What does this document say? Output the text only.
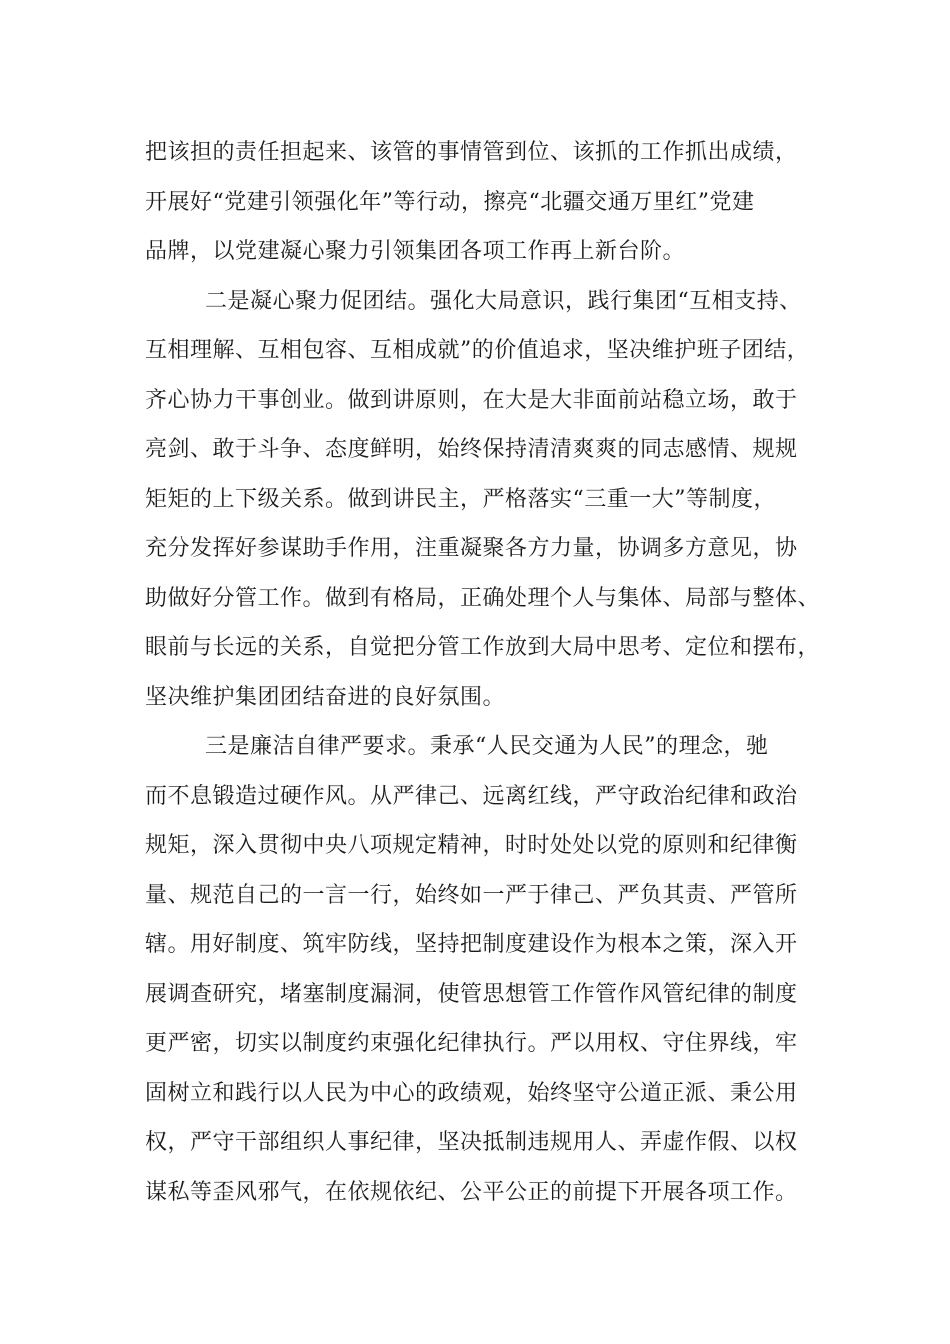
把该担的责任担起来、该管的事情管到位、该抓的工作抓出成绩，
开展好“党建引领强化年”等行动，擦亮“北疆交通万里红”党建
品牌，以党建凝心聚力引领集团各项工作再上新台阶。
二是凝心聚力促团结。强化大局意识，践行集团“互相支持、
互相理解、互相包容、互相成就”的价值追求，坚决维护班子团结，
齐心协力干事创业。做到讲原则，在大是大非面前站稳立场，敢于
亮剑、敢于斗争、态度鲜明，始终保持清清爽爽的同志感情、规规
矩矩的上下级关系。做到讲民主，严格落实“三重一大”等制度，
充分发挥好参谋助手作用，注重凝聚各方力量，协调多方意见，协
助做好分管工作。做到有格局，正确处理个人与集体、局部与整体、
眼前与长远的关系，自觉把分管工作放到大局中思考、定位和摆布，
坚决维护集团团结奋进的良好氛围。
三是廉洁自律严要求。秉承“人民交通为人民”的理念，驰
而不息锻造过硬作风。从严律己、远离红线，严守政治纪律和政治
规矩，深入贯彻中央八项规定精神，时时处处以党的原则和纪律衡
量、规范自己的一言一行，始终如一严于律己、严负其责、严管所
辖。用好制度、筑牢防线，坚持把制度建设作为根本之策，深入开
展调查研究，堵塞制度漏洞，使管思想管工作管作风管纪律的制度
更严密，切实以制度约束强化纪律执行。严以用权、守住界线，牢
固树立和践行以人民为中心的政绩观，始终坚守公道正派、秉公用
权，严守干部组织人事纪律，坚决抵制违规用人、弄虚作假、以权
谋私等歪风邪气，在依规依纪、公平公正的前提下开展各项工作。
